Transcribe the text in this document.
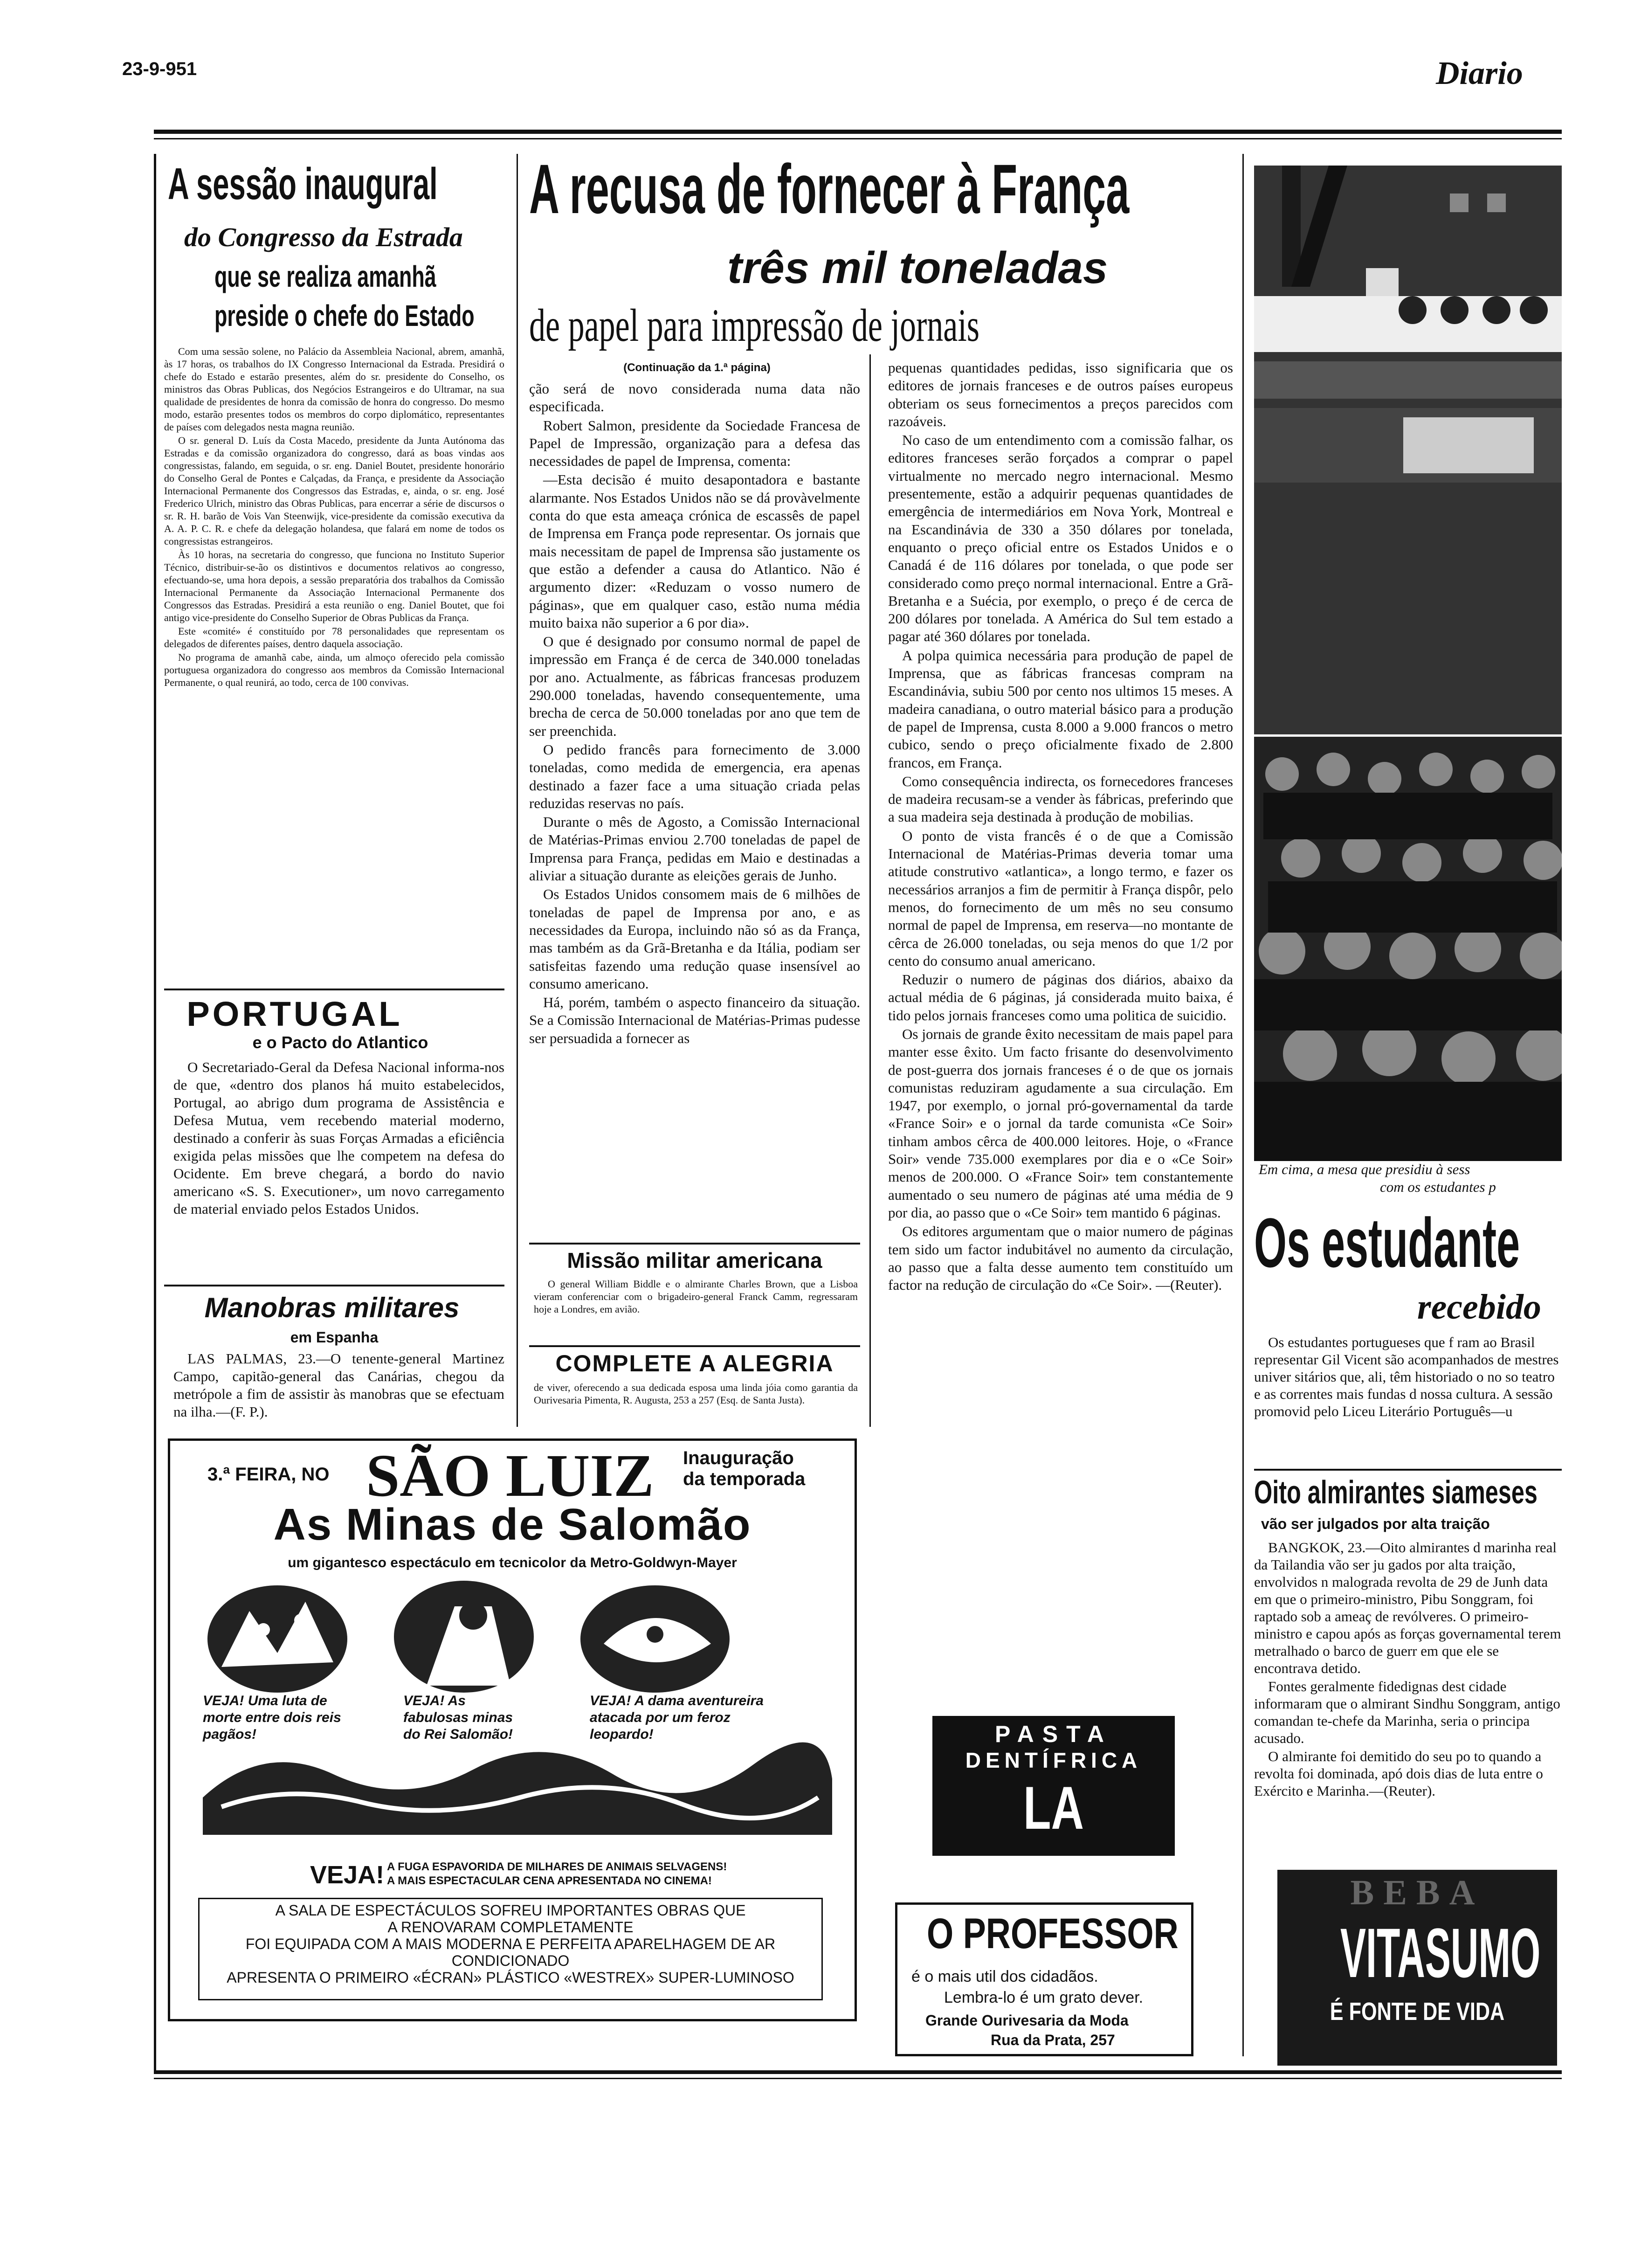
23-9-951	Diario
A sessão inaugural
do Congresso da Estrada
que se realiza amanhã
preside o chefe do Estado

Com uma sessão solene, no Palácio da Assembleia Nacional, abrem, amanhã, às 17 horas, os trabalhos do IX Congresso Internacional da Estrada. Presidirá o chefe do Estado e estarão presentes, além do sr. presidente do Conselho, os ministros das Obras Publicas, dos Negócios Estrangeiros e do Ultramar, na sua qualidade de presidentes de honra da comissão de honra do congresso. Do mesmo modo, estarão presentes todos os membros do corpo diplomático, representantes de países com delegados nesta magna reunião.

O sr. general D. Luís da Costa Macedo, presidente da Junta Autónoma das Estradas e da comissão organizadora do congresso, dará as boas vindas aos congressistas, falando, em seguida, o sr. eng. Daniel Boutet, presidente honorário do Conselho Geral de Pontes e Calçadas, da França, e presidente da Associação Internacional Permanente dos Congressos das Estradas, e, ainda, o sr. eng. José Frederico Ulrich, ministro das Obras Publicas, para encerrar a série de discursos o sr. R. H. barão de Vois Van Steenwijk, vice-presidente da comissão executiva da A. A. P. C. R. e chefe da delegação holandesa, que falará em nome de todos os congressistas estrangeiros.

Às 10 horas, na secretaria do congresso, que funciona no Instituto Superior Técnico, distribuir-se-ão os distintivos e documentos relativos ao congresso, efectuando-se, uma hora depois, a sessão preparatória dos trabalhos da Comissão Internacional Permanente da Associação Internacional Permanente dos Congressos das Estradas. Presidirá a esta reunião o eng. Daniel Boutet, que foi antigo vice-presidente do Conselho Superior de Obras Publicas da França.

Este «comité» é constituído por 78 personalidades que representam os delegados de diferentes países, dentro daquela associação.

No programa de amanhã cabe, ainda, um almoço oferecido pela comissão portuguesa organizadora do congresso aos membros da Comissão Internacional Permanente, o qual reunirá, ao todo, cerca de 100 convivas.

PORTUGAL
e o Pacto do Atlantico

O Secretariado-Geral da Defesa Nacional informa-nos de que, «dentro dos planos há muito estabelecidos, Portugal, ao abrigo dum programa de Assistência e Defesa Mutua, vem recebendo material moderno, destinado a conferir às suas Forças Armadas a eficiência exigida pelas missões que lhe competem na defesa do Ocidente. Em breve chegará, a bordo do navio americano «S. S. Executioner», um novo carregamento de material enviado pelos Estados Unidos.

Manobras militares
em Espanha

LAS PALMAS, 23.—O tenente-general Martinez Campo, capitão-general das Canárias, chegou da metrópole a fim de assistir às manobras que se efectuam na ilha.—(F. P.).

A recusa de fornecer à França
três mil toneladas
de papel para impressão de jornais
(Continuação da 1.ª página)

ção será de novo considerada numa data não especificada.

Robert Salmon, presidente da Sociedade Francesa de Papel de Impressão, organização para a defesa das necessidades de papel de Imprensa, comenta:

—Esta decisão é muito desapontadora e bastante alarmante. Nos Estados Unidos não se dá provàvelmente conta do que esta ameaça crónica de escassês de papel de Imprensa em França pode representar. Os jornais que mais necessitam de papel de Imprensa são justamente os que estão a defender a causa do Atlantico. Não é argumento dizer: «Reduzam o vosso numero de páginas», que em qualquer caso, estão numa média muito baixa não superior a 6 por dia».

O que é designado por consumo normal de papel de impressão em França é de cerca de 340.000 toneladas por ano. Actualmente, as fábricas francesas produzem 290.000 toneladas, havendo consequentemente, uma brecha de cerca de 50.000 toneladas por ano que tem de ser preenchida.

O pedido francês para fornecimento de 3.000 toneladas, como medida de emergencia, era apenas destinado a fazer face a uma situação criada pelas reduzidas reservas no país.

Durante o mês de Agosto, a Comissão Internacional de Matérias-Primas enviou 2.700 toneladas de papel de Imprensa para França, pedidas em Maio e destinadas a aliviar a situação durante as eleições gerais de Junho.

Os Estados Unidos consomem mais de 6 milhões de toneladas de papel de Imprensa por ano, e as necessidades da Europa, incluindo não só as da França, mas também as da Grã-Bretanha e da Itália, podiam ser satisfeitas fazendo uma redução quase insensível ao consumo americano.

Há, porém, também o aspecto financeiro da situação. Se a Comissão Internacional de Matérias-Primas pudesse ser persuadida a fornecer as

Missão militar americana

O general William Biddle e o almirante Charles Brown, que a Lisboa vieram conferenciar com o brigadeiro-general Franck Camm, regressaram hoje a Londres, em avião.

COMPLETE A ALEGRIA

de viver, oferecendo a sua dedicada esposa uma linda jóia como garantia da Ourivesaria Pimenta, R. Augusta, 253 a 257 (Esq. de Santa Justa).

pequenas quantidades pedidas, isso significaria que os editores de jornais franceses e de outros países europeus obteriam os seus fornecimentos a preços parecidos com razoáveis.

No caso de um entendimento com a comissão falhar, os editores franceses serão forçados a comprar o papel virtualmente no mercado negro internacional. Mesmo presentemente, estão a adquirir pequenas quantidades de emergência de intermediários em Nova York, Montreal e na Escandinávia de 330 a 350 dólares por tonelada, enquanto o preço oficial entre os Estados Unidos e o Canadá é de 116 dólares por tonelada, o que pode ser considerado como preço normal internacional. Entre a Grã-Bretanha e a Suécia, por exemplo, o preço é de cerca de 200 dólares por tonelada. A América do Sul tem estado a pagar até 360 dólares por tonelada.

A polpa quimica necessária para produção de papel de Imprensa, que as fábricas francesas compram na Escandinávia, subiu 500 por cento nos ultimos 15 meses. A madeira canadiana, o outro material básico para a produção de papel de Imprensa, custa 8.000 a 9.000 francos o metro cubico, sendo o preço oficialmente fixado de 2.800 francos, em França.

Como consequência indirecta, os fornecedores franceses de madeira recusam-se a vender às fábricas, preferindo que a sua madeira seja destinada à produção de mobilias.

O ponto de vista francês é o de que a Comissão Internacional de Matérias-Primas deveria tomar uma atitude construtivo «atlantica», a longo termo, e fazer os necessários arranjos a fim de permitir à França dispôr, pelo menos, do fornecimento de um mês no seu consumo normal de papel de Imprensa, em reserva—no montante de cêrca de 26.000 toneladas, ou seja menos do que 1/2 por cento do consumo anual americano.

Reduzir o numero de páginas dos diários, abaixo da actual média de 6 páginas, já considerada muito baixa, é tido pelos jornais franceses como uma politica de suicidio.

Os jornais de grande êxito necessitam de mais papel para manter esse êxito. Um facto frisante do desenvolvimento de post-guerra dos jornais franceses é o de que os jornais comunistas reduziram agudamente a sua circulação. Em 1947, por exemplo, o jornal pró-governamental da tarde «France Soir» e o jornal da tarde comunista «Ce Soir» tinham ambos cêrca de 400.000 leitores. Hoje, o «France Soir» vende 735.000 exemplares por dia e o «Ce Soir» menos de 200.000. O «France Soir» tem constantemente aumentado o seu numero de páginas até uma média de 9 por dia, ao passo que o «Ce Soir» tem mantido 6 páginas.

Os editores argumentam que o maior numero de páginas tem sido um factor indubitável no aumento da circulação, ao passo que a falta desse aumento tem constituído um factor na redução de circulação do «Ce Soir». —(Reuter).

3.ª FEIRA, NO SÃO LUIZ Inauguração
da temporada
As Minas de Salomão
um gigantesco espectáculo em tecnicolor da Metro-Goldwyn-Mayer
VEJA! Uma luta de morte entre dois reis pagãos!
VEJA! As fabulosas minas do Rei Salomão!
VEJA! A dama aventureira atacada por um feroz leopardo!
VEJA! A FUGA ESPAVORIDA DE MILHARES DE ANIMAIS SELVAGENS!
A MAIS ESPECTACULAR CENA APRESENTADA NO CINEMA!
A SALA DE ESPECTÁCULOS SOFREU IMPORTANTES OBRAS QUE
A RENOVARAM COMPLETAMENTE
FOI EQUIPADA COM A MAIS MODERNA E PERFEITA APARELHAGEM DE AR CONDICIONADO
APRESENTA O PRIMEIRO «ÉCRAN» PLÁSTICO «WESTREX» SUPER-LUMINOSO
PASTA
DENTÍFRICA
LA TOJA
O PROFESSOR
é o mais util dos cidadãos.
Lembra-lo é um grato dever.
Grande Ourivesaria da Moda
Rua da Prata, 257
Em cima, a mesa que presidiu à sess
com os estudantes p
Os estudante
recebido

Os estudantes portugueses que f ram ao Brasil representar Gil Vicent são acompanhados de mestres univer sitários que, ali, têm historiado o no so teatro e as correntes mais fundas d nossa cultura. A sessão promovid pelo Liceu Literário Português—u

Oito almirantes siameses
vão ser julgados por alta traição

BANGKOK, 23.—Oito almirantes d marinha real da Tailandia vão ser ju gados por alta traição, envolvidos n malograda revolta de 29 de Junh data em que o primeiro-ministro, Pibu Songgram, foi raptado sob a ameaç de revólveres. O primeiro-ministro e capou após as forças governamental terem metralhado o barco de guerr em que ele se encontrava detido.

Fontes geralmente fidedignas dest cidade informaram que o almirant Sindhu Songgram, antigo comandan te-chefe da Marinha, seria o principa acusado.

O almirante foi demitido do seu po to quando a revolta foi dominada, apó dois dias de luta entre o Exército e Marinha.—(Reuter).

BEBA
VITASUMO
É FONTE DE VIDA
